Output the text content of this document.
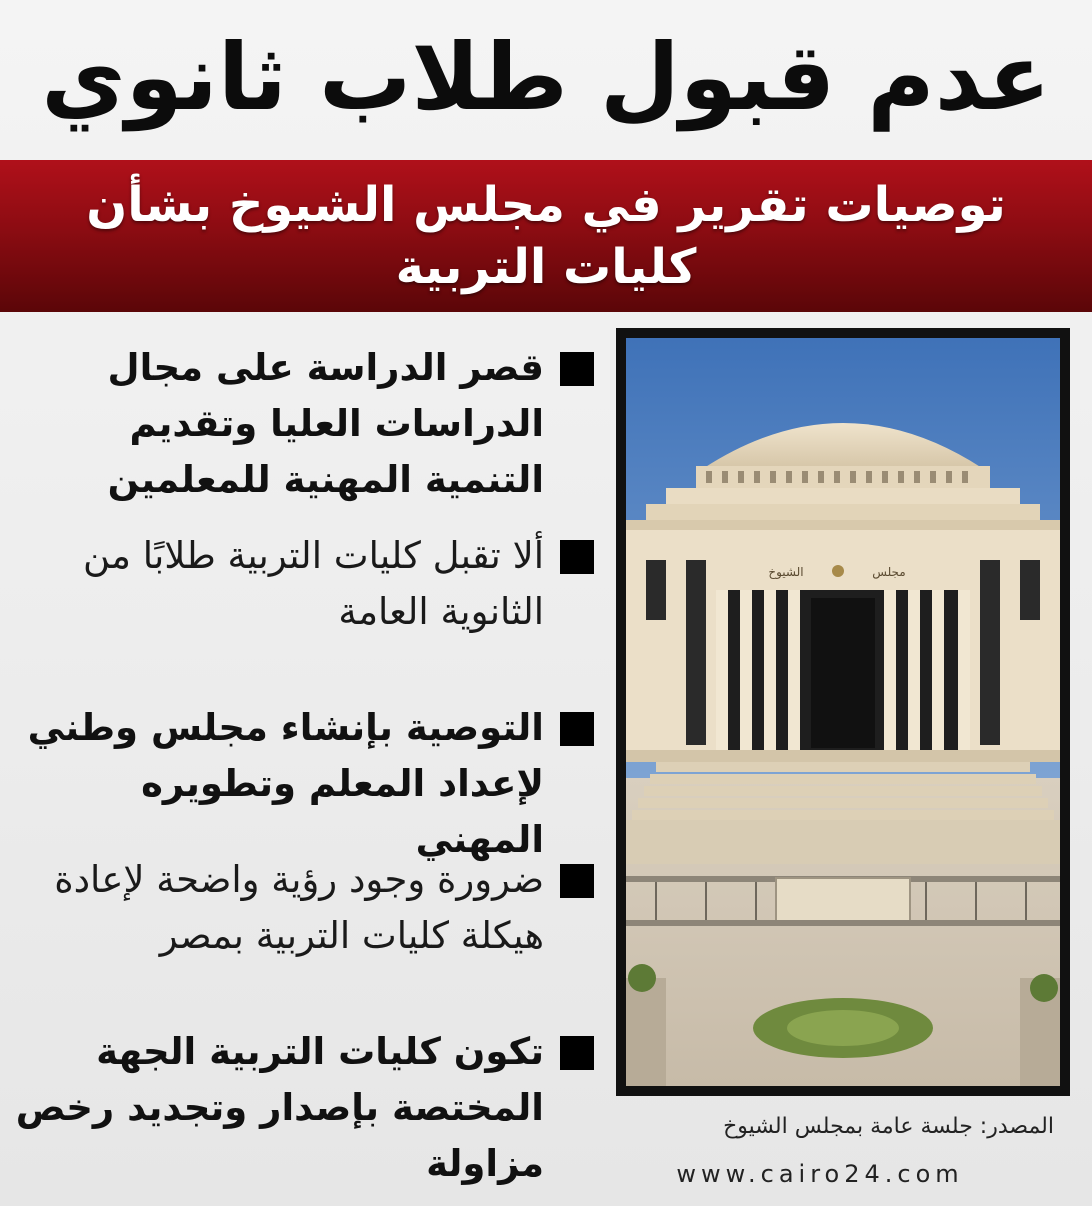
عدم قبول طلاب ثانوي
توصيات تقرير في مجلس الشيوخ بشأن
كليات التربية
مجلس
الشيوخ
قصر الدراسة على مجال
الدراسات العليا وتقديم
التنمية المهنية للمعلمين
ألا تقبل كليات التربية طلابًا من
الثانوية العامة
التوصية بإنشاء مجلس وطني
لإعداد المعلم وتطويره المهني
ضرورة وجود رؤية واضحة لإعادة
هيكلة كليات التربية بمصر
تكون كليات التربية الجهة
المختصة بإصدار وتجديد رخص
مزاولة
المصدر: جلسة عامة بمجلس الشيوخ
www.cairo24.com
